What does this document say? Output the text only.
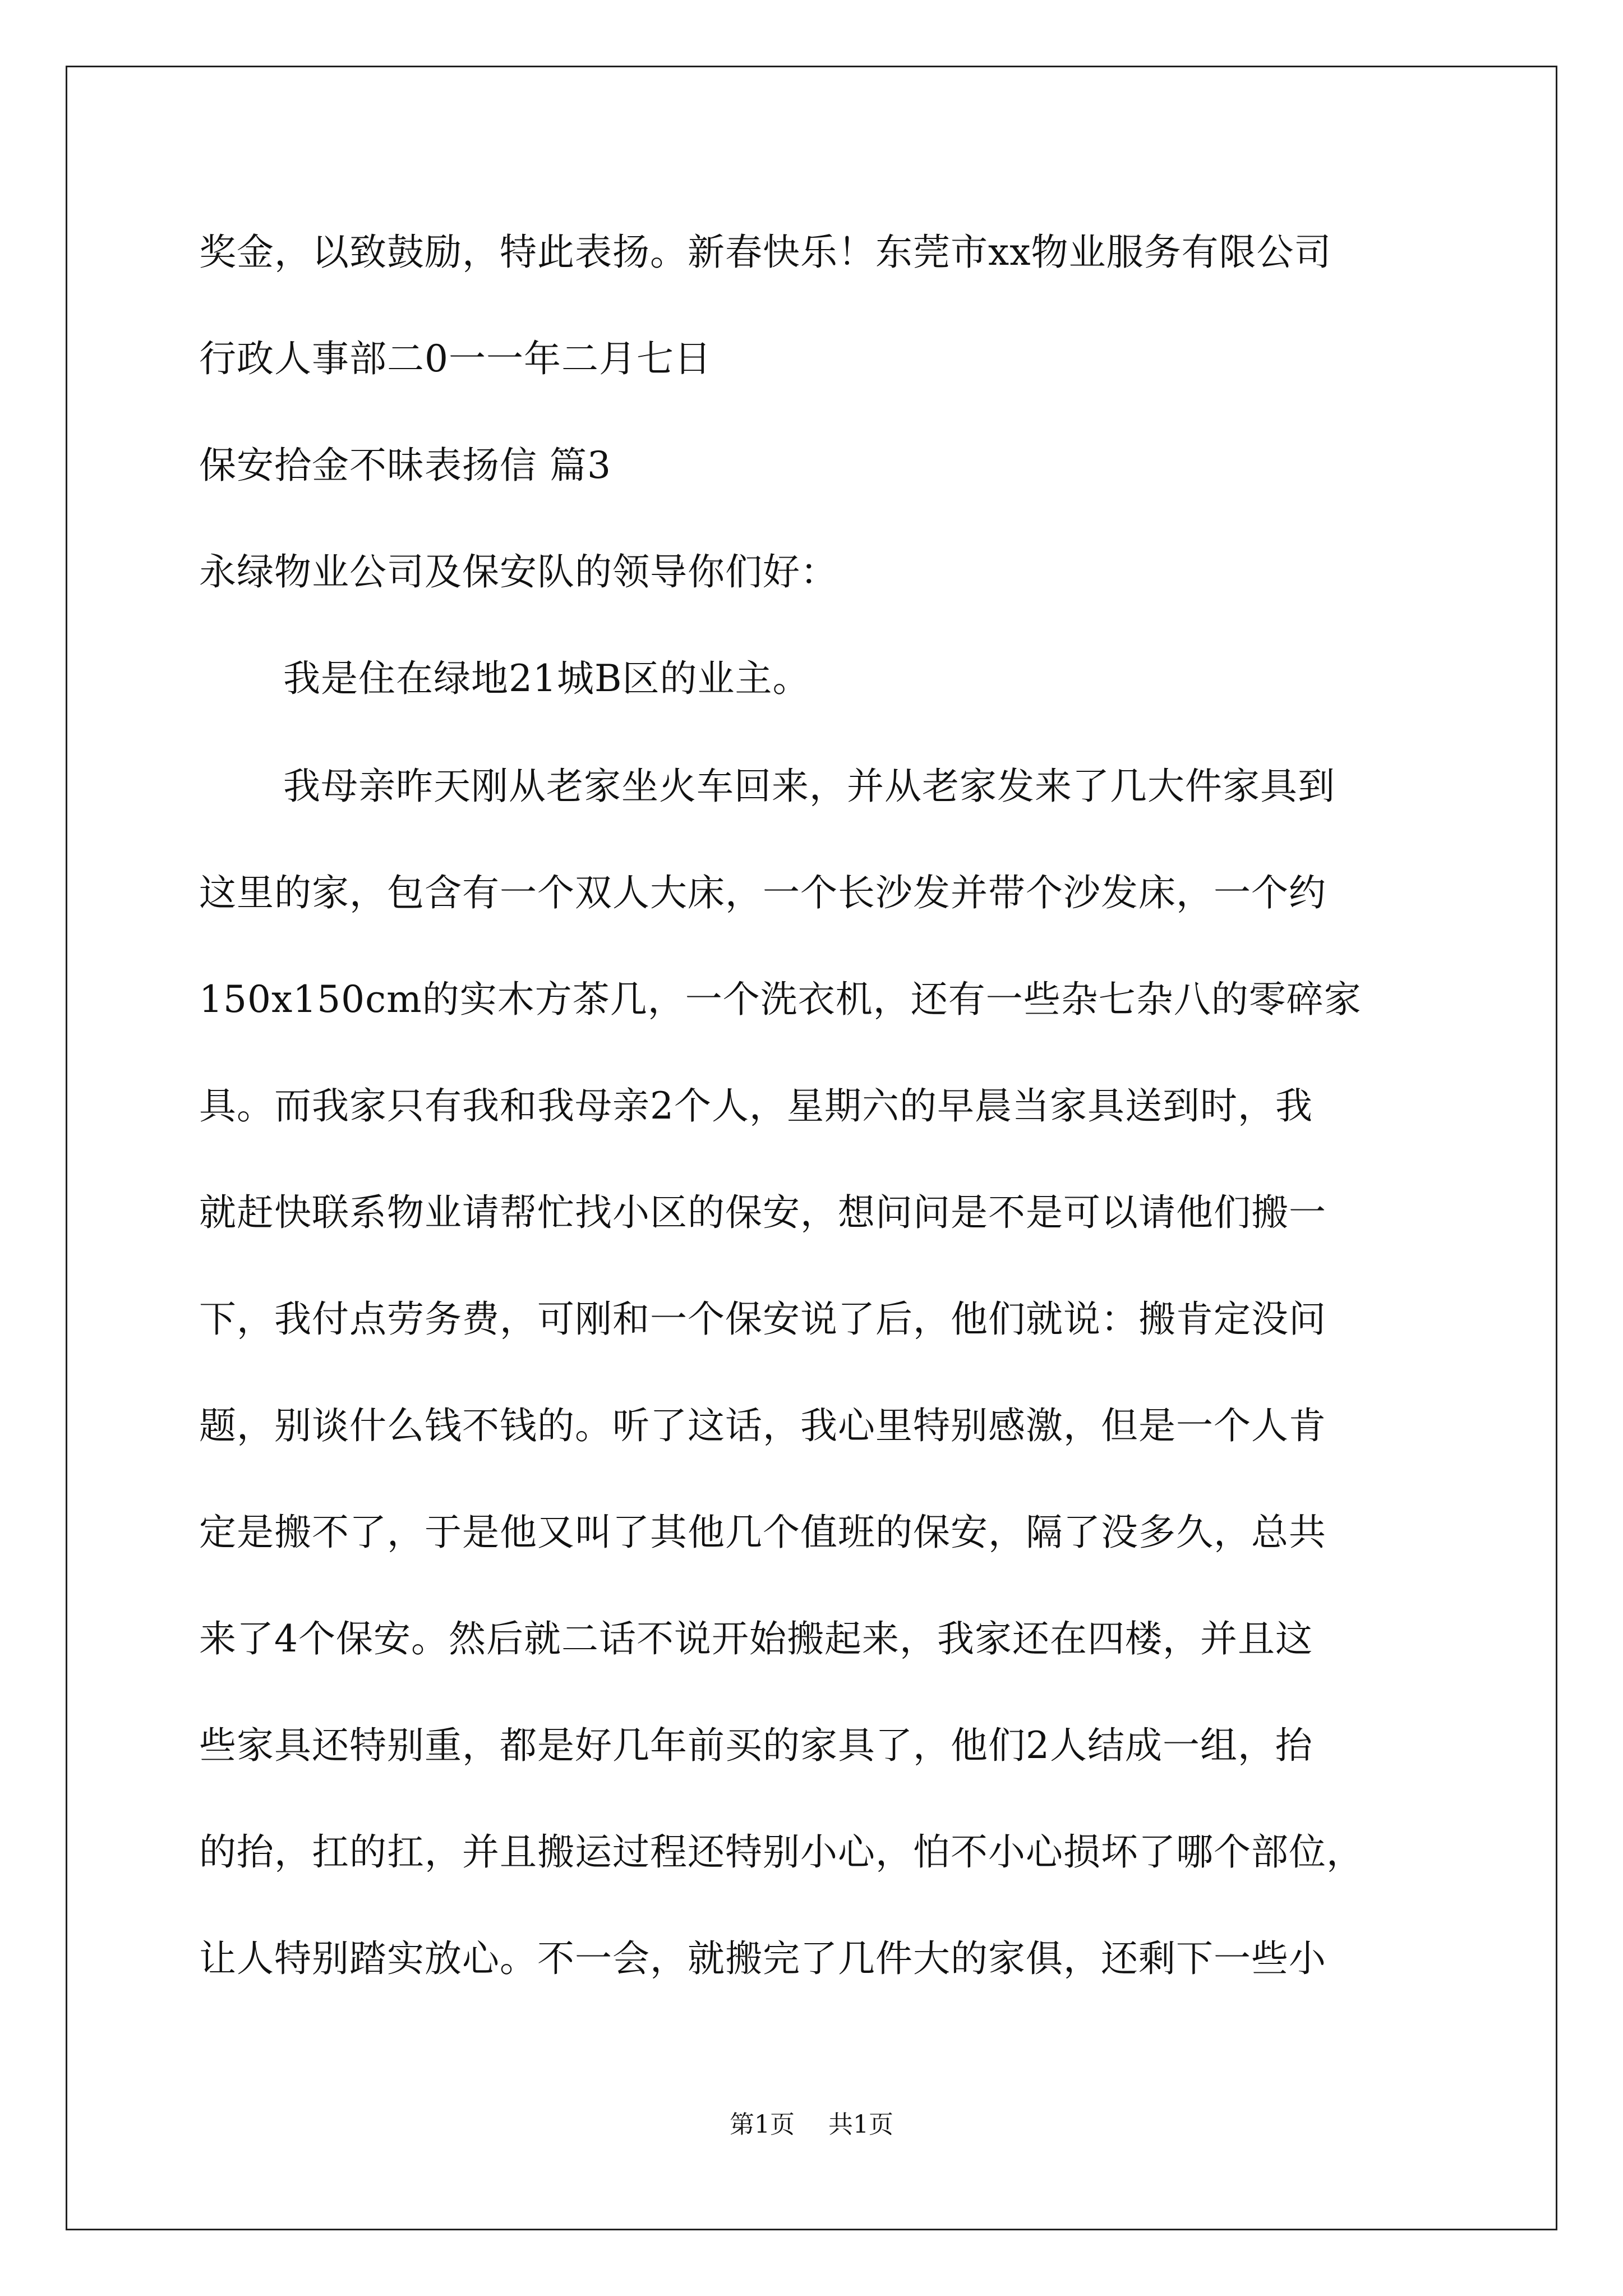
奖金，以致鼓励，特此表扬。新春快乐！东莞市xx物业服务有限公司
行政人事部二0一一年二月七日
保安拾金不昧表扬信 篇3
永绿物业公司及保安队的领导你们好：
我是住在绿地21城B区的业主。
我母亲昨天刚从老家坐火车回来，并从老家发来了几大件家具到
这里的家，包含有一个双人大床，一个长沙发并带个沙发床，一个约
150x150cm的实木方茶几，一个洗衣机，还有一些杂七杂八的零碎家
具。而我家只有我和我母亲2个人，星期六的早晨当家具送到时，我
就赶快联系物业请帮忙找小区的保安，想问问是不是可以请他们搬一
下，我付点劳务费，可刚和一个保安说了后，他们就说：搬肯定没问
题，别谈什么钱不钱的。听了这话，我心里特别感激，但是一个人肯
定是搬不了，于是他又叫了其他几个值班的保安，隔了没多久，总共
来了4个保安。然后就二话不说开始搬起来，我家还在四楼，并且这
些家具还特别重，都是好几年前买的家具了，他们2人结成一组，抬
的抬，扛的扛，并且搬运过程还特别小心，怕不小心损坏了哪个部位，
让人特别踏实放心。不一会，就搬完了几件大的家俱，还剩下一些小
第1页 共1页
